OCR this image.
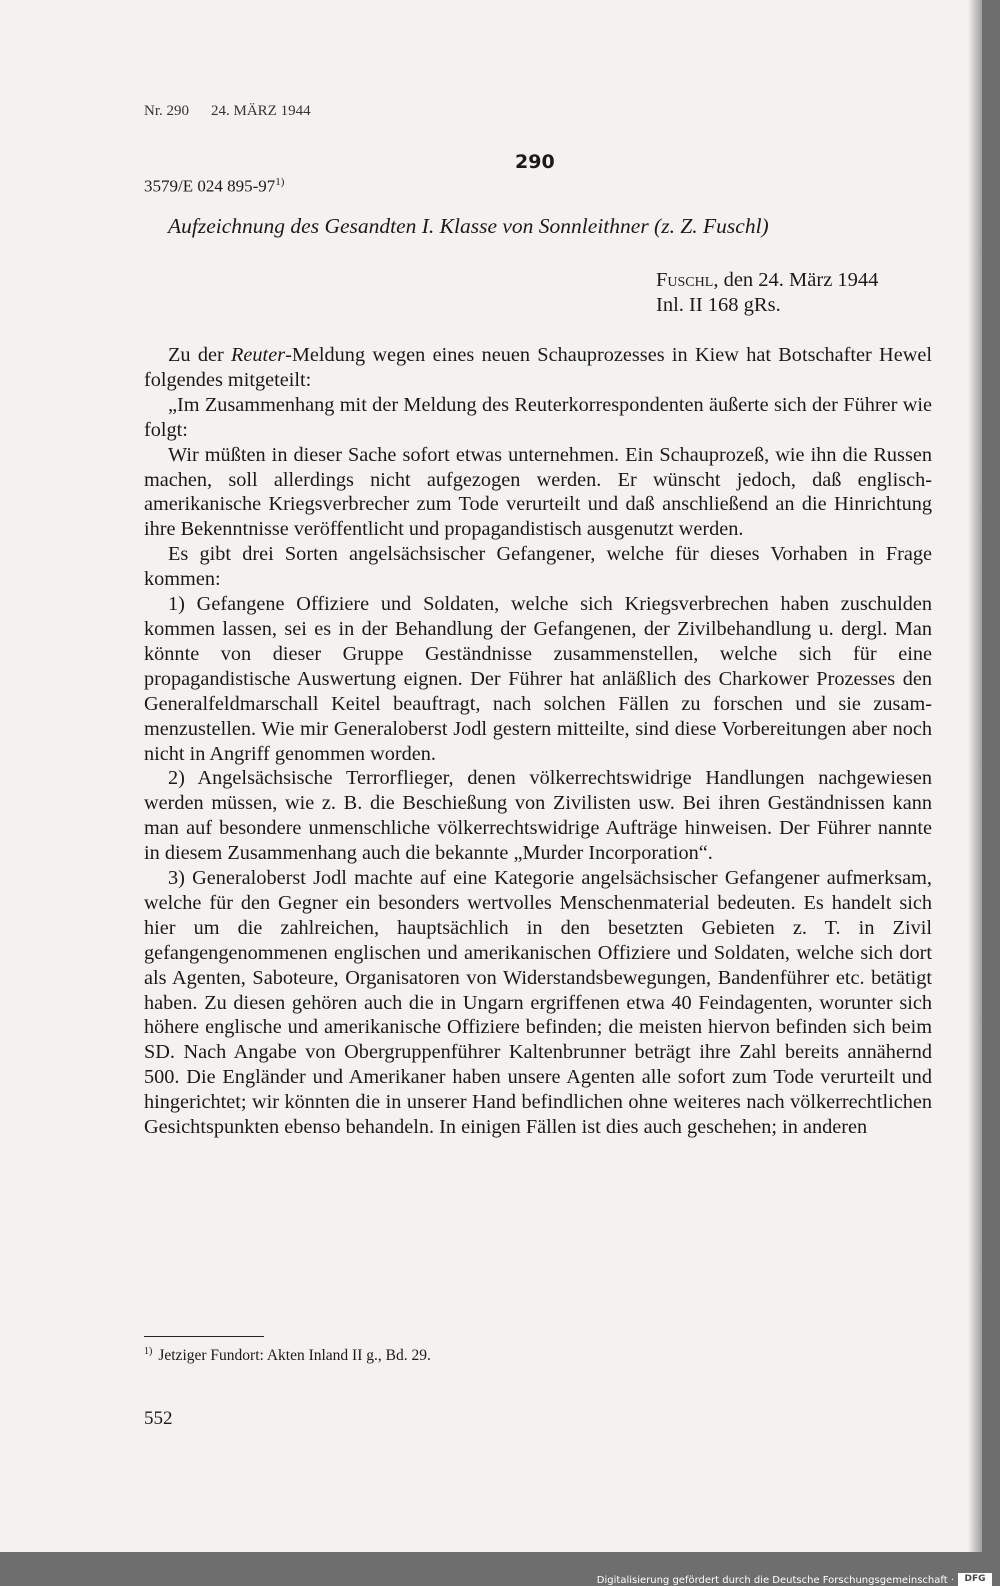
Nr. 290 24. MÄRZ 1944
290
3579/E 024 895-97$^{1)}$
Aufzeichnung des Gesandten I. Klasse von Sonnleithner (z. Z. Fuschl)
Fuschl, den 24. März 1944
Inl. II 168 gRs.

Zu der Reuter-Meldung wegen eines neuen Schauprozesses in Kiew hat Botschafter Hewel folgendes mitgeteilt:

„Im Zusammenhang mit der Meldung des Reuterkorrespondenten äußerte sich der Führer wie folgt:

Wir müßten in dieser Sache sofort etwas unternehmen. Ein Schauprozeß, wie ihn die Russen machen, soll allerdings nicht aufgezogen werden. Er wünscht jedoch, daß englisch-amerikanische Kriegsverbrecher zum Tode verurteilt und daß anschließend an die Hinrichtung ihre Bekenntnisse veröffentlicht und propagandistisch ausgenutzt werden.

Es gibt drei Sorten angelsächsischer Gefangener, welche für dieses Vorhaben in Frage kommen:

1) Gefangene Offiziere und Soldaten, welche sich Kriegsverbrechen haben zuschulden kommen lassen, sei es in der Behandlung der Gefangenen, der Zivilbehandlung u. dergl. Man könnte von dieser Gruppe Geständnisse zusammenstellen, welche sich für eine propagandistische Auswertung eignen. Der Führer hat anläßlich des Charkower Prozesses den Generalfeldmarschall Keitel beauftragt, nach solchen Fällen zu forschen und sie zusammenzustellen. Wie mir Generaloberst Jodl gestern mitteilte, sind diese Vorbereitungen aber noch nicht in Angriff genommen worden.

2) Angelsächsische Terrorflieger, denen völkerrechtswidrige Handlungen nachgewiesen werden müssen, wie z. B. die Beschießung von Zivilisten usw. Bei ihren Geständnissen kann man auf besondere unmenschliche völkerrechtswidrige Aufträge hinweisen. Der Führer nannte in diesem Zusammenhang auch die bekannte „Murder Incorporation“.

3) Generaloberst Jodl machte auf eine Kategorie angelsächsischer Gefangener aufmerksam, welche für den Gegner ein besonders wertvolles Menschenmaterial bedeuten. Es handelt sich hier um die zahlreichen, hauptsächlich in den besetzten Gebieten z. T. in Zivil gefangengenommenen englischen und amerikanischen Offiziere und Soldaten, welche sich dort als Agenten, Saboteure, Organisatoren von Widerstandsbewegungen, Bandenführer etc. betätigt haben. Zu diesen gehören auch die in Ungarn ergriffenen etwa 40 Feindagenten, worunter sich höhere englische und amerikanische Offiziere befinden; die meisten hiervon befinden sich beim SD. Nach Angabe von Obergruppenführer Kaltenbrunner beträgt ihre Zahl bereits annähernd 500. Die Engländer und Amerikaner haben unsere Agenten alle sofort zum Tode verurteilt und hingerichtet; wir könnten die in unserer Hand befindlichen ohne weiteres nach völkerrechtlichen Gesichtspunkten ebenso behandeln. In einigen Fällen ist dies auch geschehen; in anderen

$^{1)}$ Jetziger Fundort: Akten Inland II g., Bd. 29.
552
Digitalisierung gefördert durch die Deutsche Forschungsgemeinschaft ·	DFG
